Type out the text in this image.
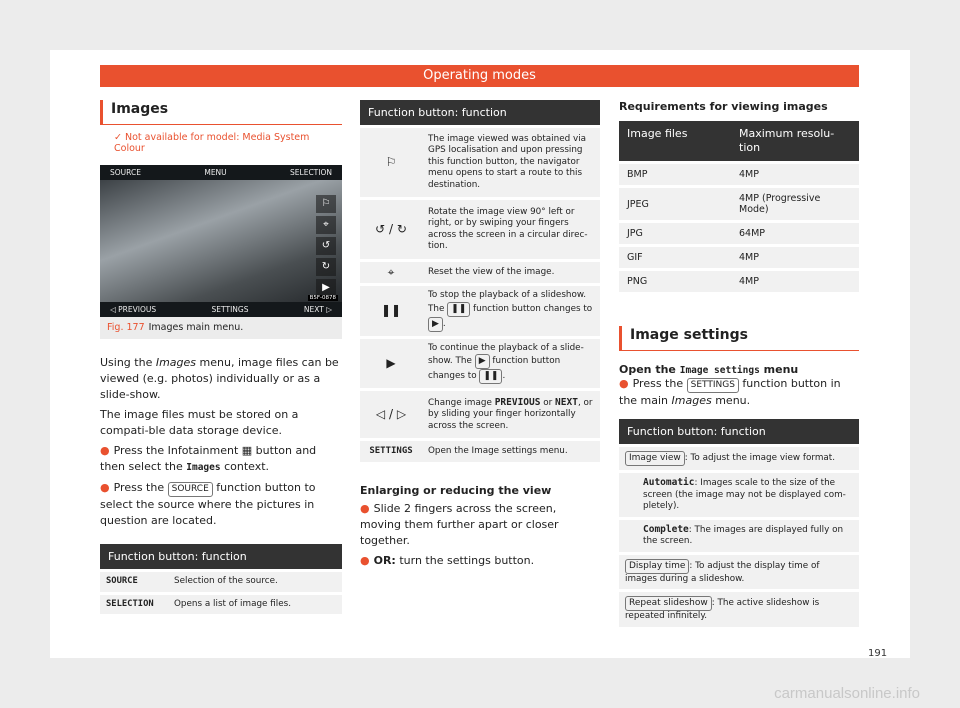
Operating modes
Images
✓ Not available for model: Media System Colour
SOURCE	MENU	SELECTION
⚐
⌖
↺
↻
▶
B5F-0878
◁ PREVIOUS	SETTINGS	NEXT ▷
Fig. 177 Images main menu.

Using the Images menu, image files can be viewed (e.g. photos) individually or as a slide-show.

The image files must be stored on a compati-ble data storage device.

● Press the Infotainment ▦ button and then select the Images context.

● Press the SOURCE function button to select the source where the pictures in question are located.

Function button: function	
SOURCE	Selection of the source.
SELECTION	Opens a list of image files.
Function button: function	
⚐	The image viewed was obtained via GPS localisation and upon pressing this function button, the navigator menu opens to start a route to this destination.
↺ / ↻	Rotate the image view 90° left or right, or by swiping your fingers across the screen in a circular direc-tion.
⌖	Reset the view of the image.
❚❚	To stop the playback of a slideshow. The ❚❚ function button changes to ▶ .
▶	To continue the playback of a slide-show. The ▶ function button changes to ❚❚ .
◁ / ▷	Change image PREVIOUS or NEXT, or by sliding your finger horizontally across the screen.
SETTINGS	Open the Image settings menu.
Enlarging or reducing the view

● Slide 2 fingers across the screen, moving them further apart or closer together.

● OR: turn the settings button.

Requirements for viewing images
Image files	Maximum resolu-tion
BMP	4MP
JPEG	4MP (Progressive Mode)
JPG	64MP
GIF	4MP
PNG	4MP
Image settings
Open the Image settings menu

● Press the SETTINGS function button in the main Images menu.

Function button: function	
Image view : To adjust the image view format.	
	Automatic: Images scale to the size of the screen (the image may not be displayed com-pletely).
	Complete: The images are displayed fully on the screen.
Display time : To adjust the display time of images during a slideshow.	
Repeat slideshow : The active slideshow is repeated infinitely.	
191
carmanualsonline.info
